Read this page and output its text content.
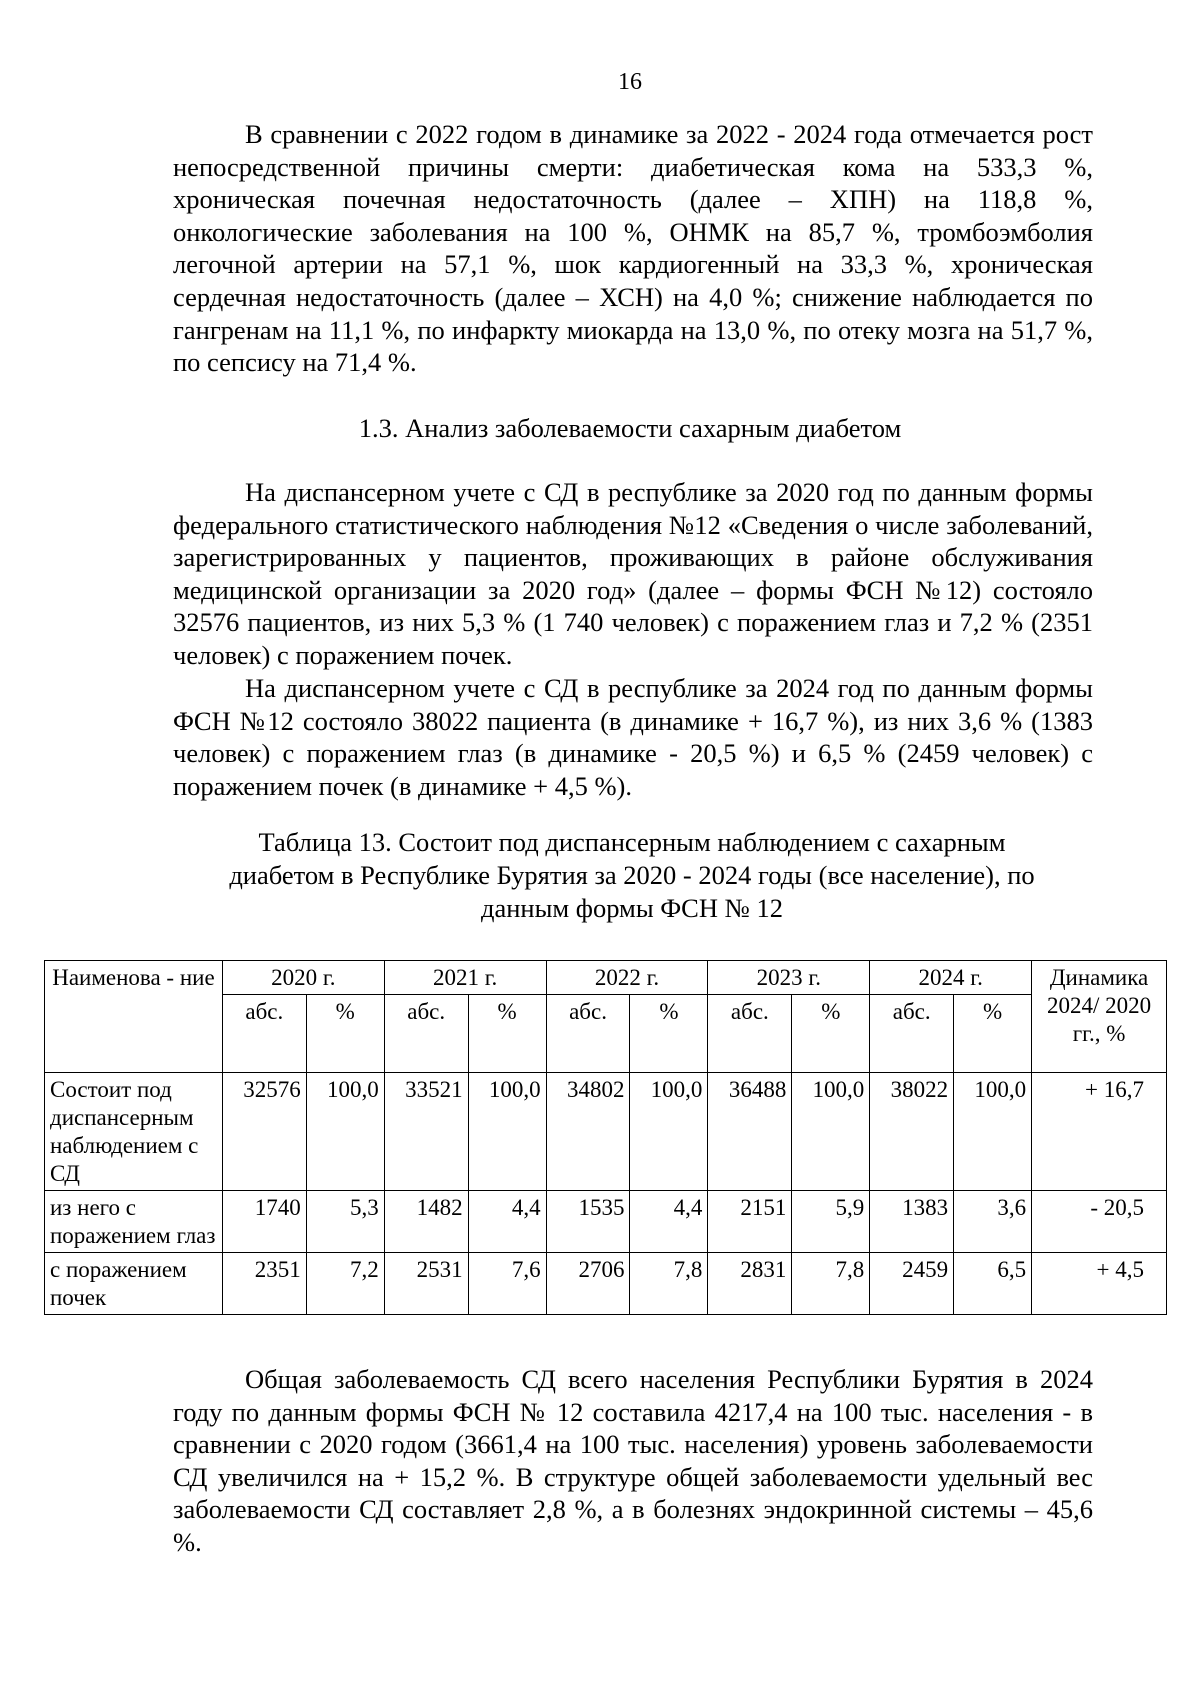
16

В сравнении с 2022 годом в динамике за 2022 - 2024 года отмечается рост непосредственной причины смерти: диабетическая кома на 533,3 %, хроническая почечная недостаточность (далее – ХПН) на 118,8 %, онкологические заболевания на 100 %, ОНМК на 85,7 %, тромбоэмболия легочной артерии на 57,1 %, шок кардиогенный на 33,3 %, хроническая сердечная недостаточность (далее – ХСН) на 4,0 %; снижение наблюдается по гангренам на 11,1 %, по инфаркту миокарда на 13,0 %, по отеку мозга на 51,7 %, по сепсису на 71,4 %.

1.3. Анализ заболеваемости сахарным диабетом

На диспансерном учете с СД в республике за 2020 год по данным формы федерального статистического наблюдения №12 «Сведения о числе заболеваний, зарегистрированных у пациентов, проживающих в районе обслуживания медицинской организации за 2020 год» (далее – формы ФСН №12) состояло 32576 пациентов, из них 5,3 % (1 740 человек) с поражением глаз и 7,2 % (2351 человек) с поражением почек.

На диспансерном учете с СД в республике за 2024 год по данным формы ФСН №12 состояло 38022 пациента (в динамике + 16,7 %), из них 3,6 % (1383 человек) с поражением глаз (в динамике - 20,5 %) и 6,5 % (2459 человек) с поражением почек (в динамике + 4,5 %).

Таблица 13. Состоит под диспансерным наблюдением с сахарным
диабетом в Республике Бурятия за 2020 - 2024 годы (все население), по
данным формы ФСН № 12
Наименова - ние	2020 г.		2021 г.		2022 г.		2023 г.		2024 г.		Динамика 2024/ 2020 гг., %
	абс.	%	абс.	%	абс.	%	абс.	%	абс.	%	
Состоит под диспансерным наблюдением с СД	32576	100,0	33521	100,0	34802	100,0	36488	100,0	38022	100,0	+ 16,7
из него с поражением глаз	1740	5,3	1482	4,4	1535	4,4	2151	5,9	1383	3,6	- 20,5
с поражением почек	2351	7,2	2531	7,6	2706	7,8	2831	7,8	2459	6,5	+ 4,5

Общая заболеваемость СД всего населения Республики Бурятия в 2024 году по данным формы ФСН № 12 составила 4217,4 на 100 тыс. населения - в сравнении с 2020 годом (3661,4 на 100 тыс. населения) уровень заболеваемости СД увеличился на + 15,2 %. В структуре общей заболеваемости удельный вес заболеваемости СД составляет 2,8 %, а в болезнях эндокринной системы – 45,6 %.
